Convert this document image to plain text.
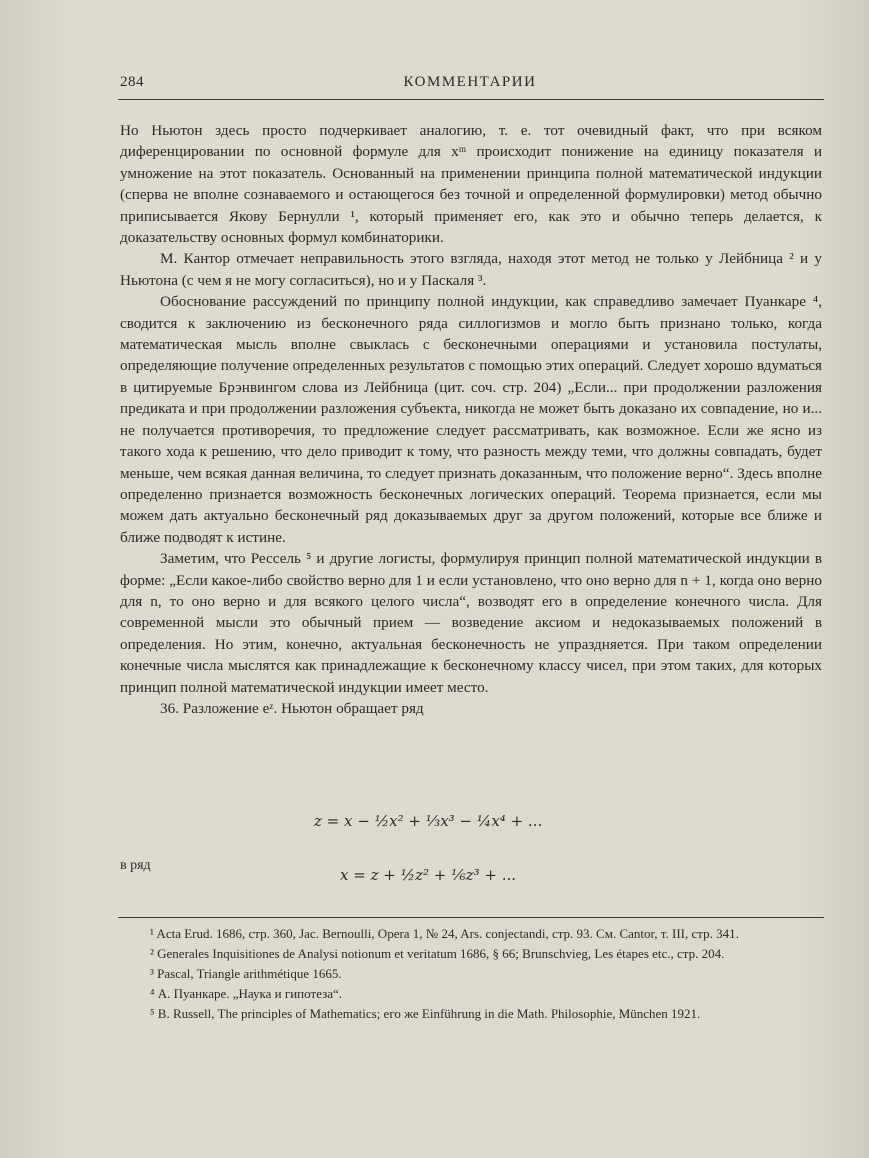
284	КОММЕНТАРИИ

Но Ньютон здесь просто подчеркивает аналогию, т. е. тот очевидный факт, что при всяком диференцировании по основной формуле для xᵐ происходит понижение на единицу показателя и умножение на этот показатель. Основанный на применении принципа полной математической индукции (сперва не вполне сознаваемого и остающегося без точной и определенной формулировки) метод обычно приписывается Якову Бернулли ¹, который применяет его, как это и обычно теперь делается, к доказательству основных формул комбинаторики.

М. Кантор отмечает неправильность этого взгляда, находя этот метод не только у Лейбница ² и у Ньютона (с чем я не могу согласиться), но и у Паскаля ³.

Обоснование рассуждений по принципу полной индукции, как справедливо замечает Пуанкаре ⁴, сводится к заключению из бесконечного ряда силлогизмов и могло быть признано только, когда математическая мысль вполне свыклась с бесконечными операциями и установила постулаты, определяющие получение определенных результатов с помощью этих операций. Следует хорошо вдуматься в цитируемые Брэнвингом слова из Лейбница (цит. соч. стр. 204) „Если... при продолжении разложения предиката и при продолжении разложения субъекта, никогда не может быть доказано их совпадение, но и... не получается противоречия, то предложение следует рассматривать, как возможное. Если же ясно из такого хода к решению, что дело приводит к тому, что разность между теми, что должны совпадать, будет меньше, чем всякая данная величина, то следует признать доказанным, что положение верно“. Здесь вполне определенно признается возможность бесконечных логических операций. Теорема признается, если мы можем дать актуально бесконечный ряд доказываемых друг за другом положений, которые все ближе и ближе подводят к истине.

Заметим, что Рессель ⁵ и другие логисты, формулируя принцип полной математической индукции в форме: „Если какое-либо свойство верно для 1 и если установлено, что оно верно для n + 1, когда оно верно для n, то оно верно и для всякого целого числа“, возводят его в определение конечного числа. Для современной мысли это обычный прием — возведение аксиом и недоказываемых положений в определения. Но этим, конечно, актуальная бесконечность не упраздняется. При таком определении конечные числа мыслятся как принадлежащие к бесконечному классу чисел, при этом таких, для которых принцип полной математической индукции имеет место.

36. Разложение eᶻ. Ньютон обращает ряд

z = x − ½x² + ⅓x³ − ¼x⁴ + ...
в ряд
x = z + ½z² + ⅙z³ + ...

¹ Acta Erud. 1686, стр. 360, Jac. Bernoulli, Opera 1, № 24, Ars. conjectandi, стр. 93. См. Cantor, т. III, стр. 341.

² Generales Inquisitiones de Analysi notionum et veritatum 1686, § 66; Brunschvieg, Les étapes etc., стр. 204.

³ Pascal, Triangle arithmétique 1665.

⁴ А. Пуанкаре. „Наука и гипотеза“.

⁵ B. Russell, The principles of Mathematics; его же Einführung in die Math. Philosophie, München 1921.
